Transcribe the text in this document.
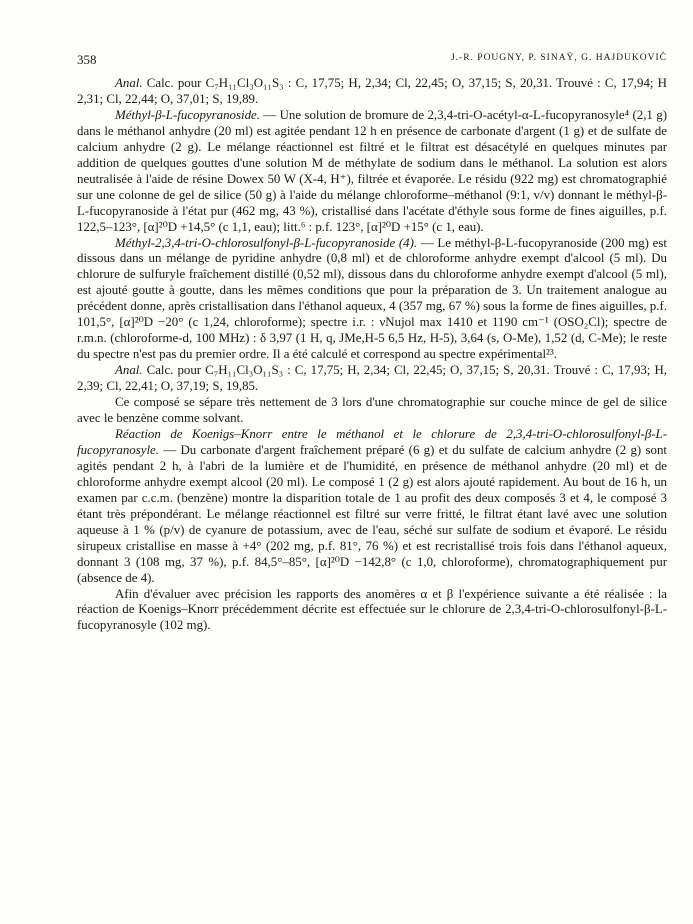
358	J.-R. POUGNY, P. SINAŸ, G. HAJDUKOVIĆ

Anal. Calc. pour C₇H₁₁Cl₃O₁₁S₃ : C, 17,75; H, 2,34; Cl, 22,45; O, 37,15; S, 20,31. Trouvé : C, 17,94; H 2,31; Cl, 22,44; O, 37,01; S, 19,89.

Méthyl-β-L-fucopyranoside. — Une solution de bromure de 2,3,4-tri-O-acétyl-α-L-fucopyranosyle⁴ (2,1 g) dans le méthanol anhydre (20 ml) est agitée pendant 12 h en présence de carbonate d'argent (1 g) et de sulfate de calcium anhydre (2 g). Le mélange réactionnel est filtré et le filtrat est désacétylé en quelques minutes par addition de quelques gouttes d'une solution M de méthylate de sodium dans le méthanol. La solution est alors neutralisée à l'aide de résine Dowex 50 W (X-4, H⁺), filtrée et évaporée. Le résidu (922 mg) est chromatographié sur une colonne de gel de silice (50 g) à l'aide du mélange chloroforme–méthanol (9:1, v/v) donnant le méthyl-β-L-fucopyranoside à l'état pur (462 mg, 43 %), cristallisé dans l'acétate d'éthyle sous forme de fines aiguilles, p.f. 122,5–123°, [α]²⁰D +14,5° (c 1,1, eau); litt.⁶ : p.f. 123°, [α]²⁰D +15° (c 1, eau).

Méthyl-2,3,4-tri-O-chlorosulfonyl-β-L-fucopyranoside (4). — Le méthyl-β-L-fucopyranoside (200 mg) est dissous dans un mélange de pyridine anhydre (0,8 ml) et de chloroforme anhydre exempt d'alcool (5 ml). Du chlorure de sulfuryle fraîchement distillé (0,52 ml), dissous dans du chloroforme anhydre exempt d'alcool (5 ml), est ajouté goutte à goutte, dans les mêmes conditions que pour la préparation de 3. Un traitement analogue au précédent donne, après cristallisation dans l'éthanol aqueux, 4 (357 mg, 67 %) sous la forme de fines aiguilles, p.f. 101,5°, [α]²⁰D −20° (c 1,24, chloroforme); spectre i.r. : νNujol max 1410 et 1190 cm⁻¹ (OSO₂Cl); spectre de r.m.n. (chloroforme-d, 100 MHz) : δ 3,97 (1 H, q, JMe,H-5 6,5 Hz, H-5), 3,64 (s, O-Me), 1,52 (d, C-Me); le reste du spectre n'est pas du premier ordre. Il a été calculé et correspond au spectre expérimental²³.

Anal. Calc. pour C₇H₁₁Cl₃O₁₁S₃ : C, 17,75; H, 2,34; Cl, 22,45; O, 37,15; S, 20,31. Trouvé : C, 17,93; H, 2,39; Cl, 22,41; O, 37,19; S, 19,85.

Ce composé se sépare très nettement de 3 lors d'une chromatographie sur couche mince de gel de silice avec le benzène comme solvant.

Réaction de Koenigs–Knorr entre le méthanol et le chlorure de 2,3,4-tri-O-chlorosulfonyl-β-L-fucopyranosyle. — Du carbonate d'argent fraîchement préparé (6 g) et du sulfate de calcium anhydre (2 g) sont agités pendant 2 h, à l'abri de la lumière et de l'humidité, en présence de méthanol anhydre (20 ml) et de chloroforme anhydre exempt alcool (20 ml). Le composé 1 (2 g) est alors ajouté rapidement. Au bout de 16 h, un examen par c.c.m. (benzène) montre la disparition totale de 1 au profit des deux composés 3 et 4, le composé 3 étant très prépondérant. Le mélange réactionnel est filtré sur verre fritté, le filtrat étant lavé avec une solution aqueuse à 1 % (p/v) de cyanure de potassium, avec de l'eau, séché sur sulfate de sodium et évaporé. Le résidu sirupeux cristallise en masse à +4° (202 mg, p.f. 81°, 76 %) et est recristallisé trois fois dans l'éthanol aqueux, donnant 3 (108 mg, 37 %), p.f. 84,5°–85°, [α]²⁰D −142,8° (c 1,0, chloroforme), chromatographiquement pur (absence de 4).

Afin d'évaluer avec précision les rapports des anomères α et β l'expérience suivante a été réalisée : la réaction de Koenigs–Knorr précédemment décrite est effectuée sur le chlorure de 2,3,4-tri-O-chlorosulfonyl-β-L-fucopyranosyle (102 mg).
